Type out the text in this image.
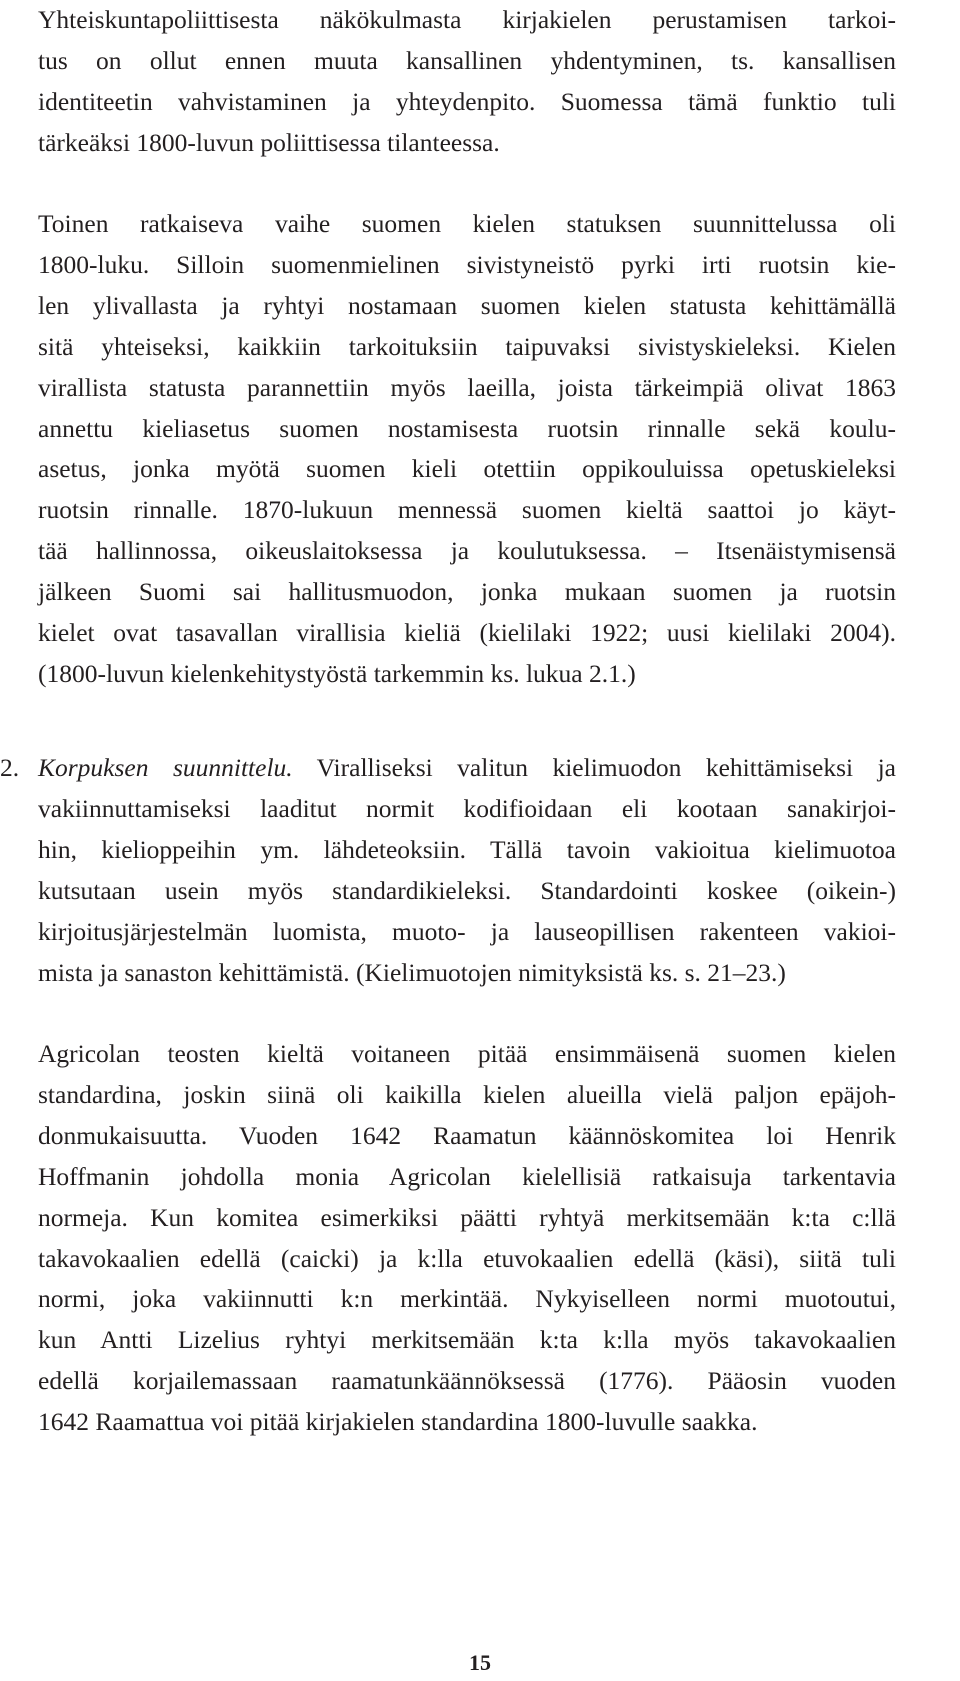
Yhteiskuntapoliittisesta näkökulmasta kirjakielen perustamisen tarkoi-
tus on ollut ennen muuta kansallinen yhdentyminen, ts. kansallisen
identiteetin vahvistaminen ja yhteydenpito. Suomessa tämä funktio tuli
tärkeäksi 1800-luvun poliittisessa tilanteessa.

Toinen ratkaiseva vaihe suomen kielen statuksen suunnittelussa oli
1800-luku. Silloin suomenmielinen sivistyneistö pyrki irti ruotsin kie-
len ylivallasta ja ryhtyi nostamaan suomen kielen statusta kehittämällä
sitä yhteiseksi, kaikkiin tarkoituksiin taipuvaksi sivistyskieleksi. Kielen
virallista statusta parannettiin myös laeilla, joista tärkeimpiä olivat 1863
annettu kieliasetus suomen nostamisesta ruotsin rinnalle sekä koulu-
asetus, jonka myötä suomen kieli otettiin oppikouluissa opetuskieleksi
ruotsin rinnalle. 1870-lukuun mennessä suomen kieltä saattoi jo käyt-
tää hallinnossa, oikeuslaitoksessa ja koulutuksessa. – Itsenäistymisensä
jälkeen Suomi sai hallitusmuodon, jonka mukaan suomen ja ruotsin
kielet ovat tasavallan virallisia kieliä (kielilaki 1922; uusi kielilaki 2004).
(1800-luvun kielenkehitystyöstä tarkemmin ks. lukua 2.1.)

2. Korpuksen suunnittelu. Viralliseksi valitun kielimuodon kehittämiseksi ja
vakiinnuttamiseksi laaditut normit kodifioidaan eli kootaan sanakirjoi-
hin, kielioppeihin ym. lähdeteoksiin. Tällä tavoin vakioitua kielimuotoa
kutsutaan usein myös standardikieleksi. Standardointi koskee (oikein-)
kirjoitusjärjestelmän luomista, muoto- ja lauseopillisen rakenteen vakioi-
mista ja sanaston kehittämistä. (Kielimuotojen nimityksistä ks. s. 21–23.)

Agricolan teosten kieltä voitaneen pitää ensimmäisenä suomen kielen
standardina, joskin siinä oli kaikilla kielen alueilla vielä paljon epäjoh-
donmukaisuutta. Vuoden 1642 Raamatun käännöskomitea loi Henrik
Hoffmanin johdolla monia Agricolan kielellisiä ratkaisuja tarkentavia
normeja. Kun komitea esimerkiksi päätti ryhtyä merkitsemään k:ta c:llä
takavokaalien edellä (caicki) ja k:lla etuvokaalien edellä (käsi), siitä tuli
normi, joka vakiinnutti k:n merkintää. Nykyiselleen normi muotoutui,
kun Antti Lizelius ryhtyi merkitsemään k:ta k:lla myös takavokaalien
edellä korjailemassaan raamatunkäännöksessä (1776). Pääosin vuoden
1642 Raamattua voi pitää kirjakielen standardina 1800-luvulle saakka.

15
